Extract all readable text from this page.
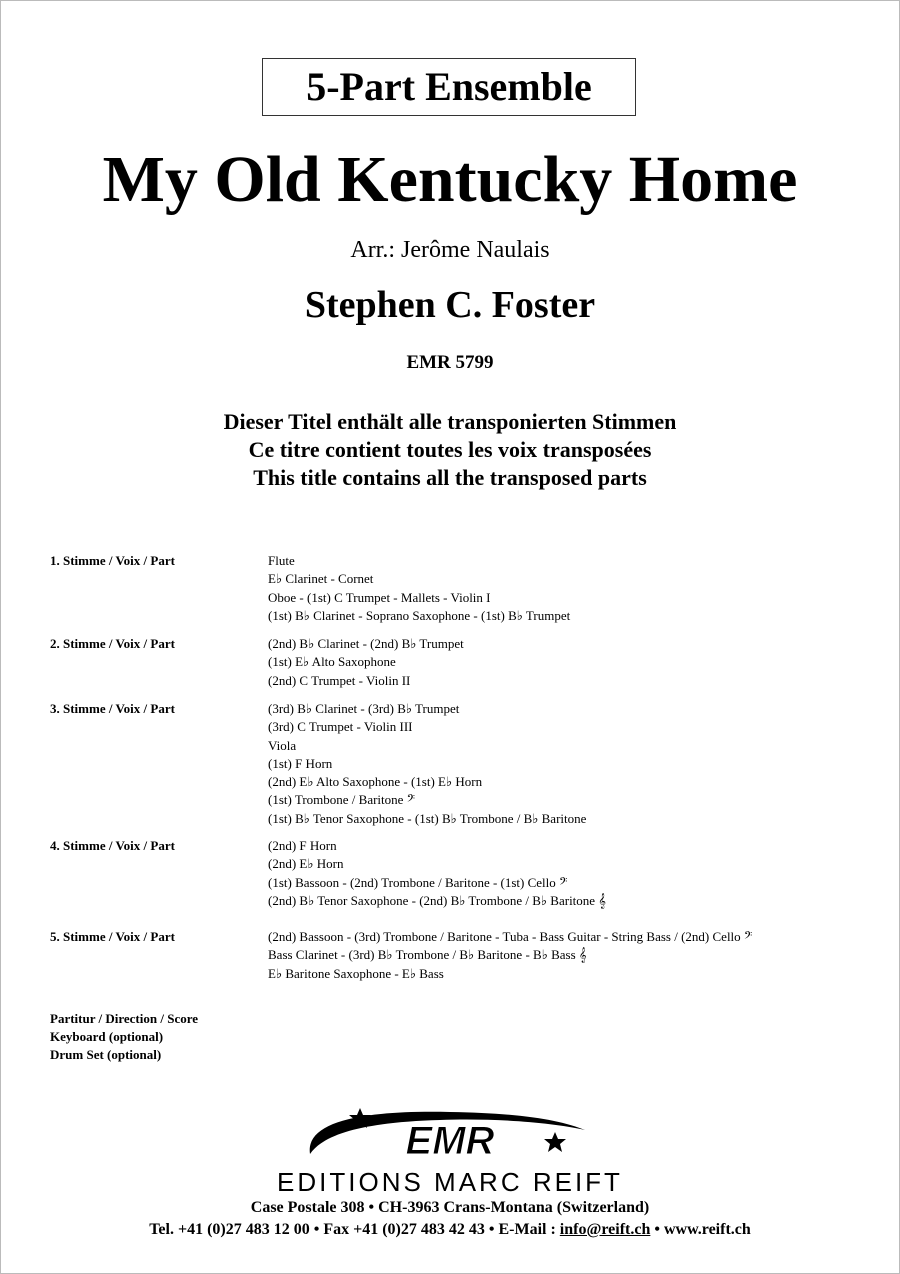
5-Part Ensemble
My Old Kentucky Home
Arr.: Jerôme Naulais
Stephen C. Foster
EMR 5799
Dieser Titel enthält alle transponierten Stimmen
Ce titre contient toutes les voix transposées
This title contains all the transposed parts
1. Stimme / Voix / Part	Flute
E♭ Clarinet - Cornet
Oboe - (1st) C Trumpet - Mallets - Violin I
(1st) B♭ Clarinet - Soprano Saxophone - (1st) B♭ Trumpet
2. Stimme / Voix / Part	(2nd) B♭ Clarinet - (2nd) B♭ Trumpet
(1st) E♭ Alto Saxophone
(2nd) C Trumpet - Violin II
3. Stimme / Voix / Part	(3rd) B♭ Clarinet - (3rd) B♭ Trumpet
(3rd) C Trumpet - Violin III
Viola
(1st) F Horn
(2nd) E♭ Alto Saxophone - (1st) E♭ Horn
(1st) Trombone / Baritone 𝄢
(1st) B♭ Tenor Saxophone - (1st) B♭ Trombone / B♭ Baritone
4. Stimme / Voix / Part	(2nd) F Horn
(2nd) E♭ Horn
(1st) Bassoon - (2nd) Trombone / Baritone - (1st) Cello 𝄢
(2nd) B♭ Tenor Saxophone - (2nd) B♭ Trombone / B♭ Baritone 𝄞
5. Stimme / Voix / Part	(2nd) Bassoon - (3rd) Trombone / Baritone - Tuba - Bass Guitar - String Bass / (2nd) Cello 𝄢
Bass Clarinet - (3rd) B♭ Trombone / B♭ Baritone - B♭ Bass 𝄞
E♭ Baritone Saxophone - E♭ Bass
Partitur / Direction / Score
Keyboard (optional)
Drum Set (optional)
EMR
EDITIONS MARC REIFT
Case Postale 308 • CH-3963 Crans-Montana (Switzerland)
Tel. +41 (0)27 483 12 00 • Fax +41 (0)27 483 42 43 • E-Mail : info@reift.ch • www.reift.ch
